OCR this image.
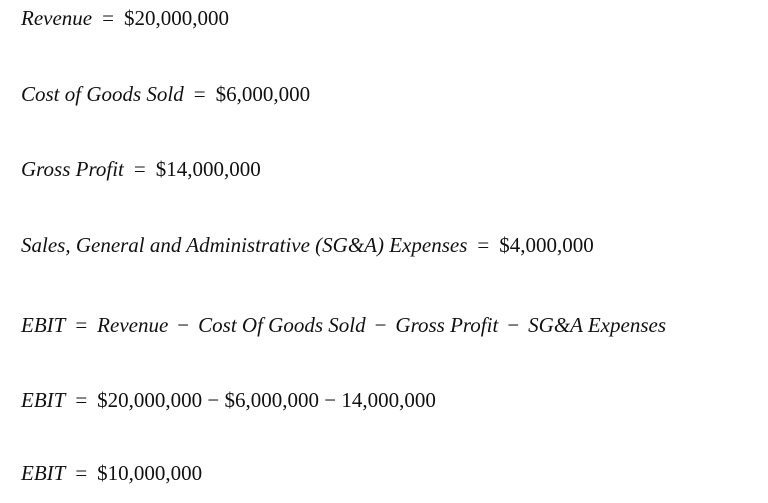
Revenue = $20,000,000
Cost of Goods Sold = $6,000,000
Gross Profit = $14,000,000
Sales, General and Administrative (SG&A) Expenses = $4,000,000
EBIT = Revenue − Cost Of Goods Sold − Gross Profit − SG&A Expenses
EBIT = $20,000,000 − $6,000,000 − 14,000,000
EBIT = $10,000,000
